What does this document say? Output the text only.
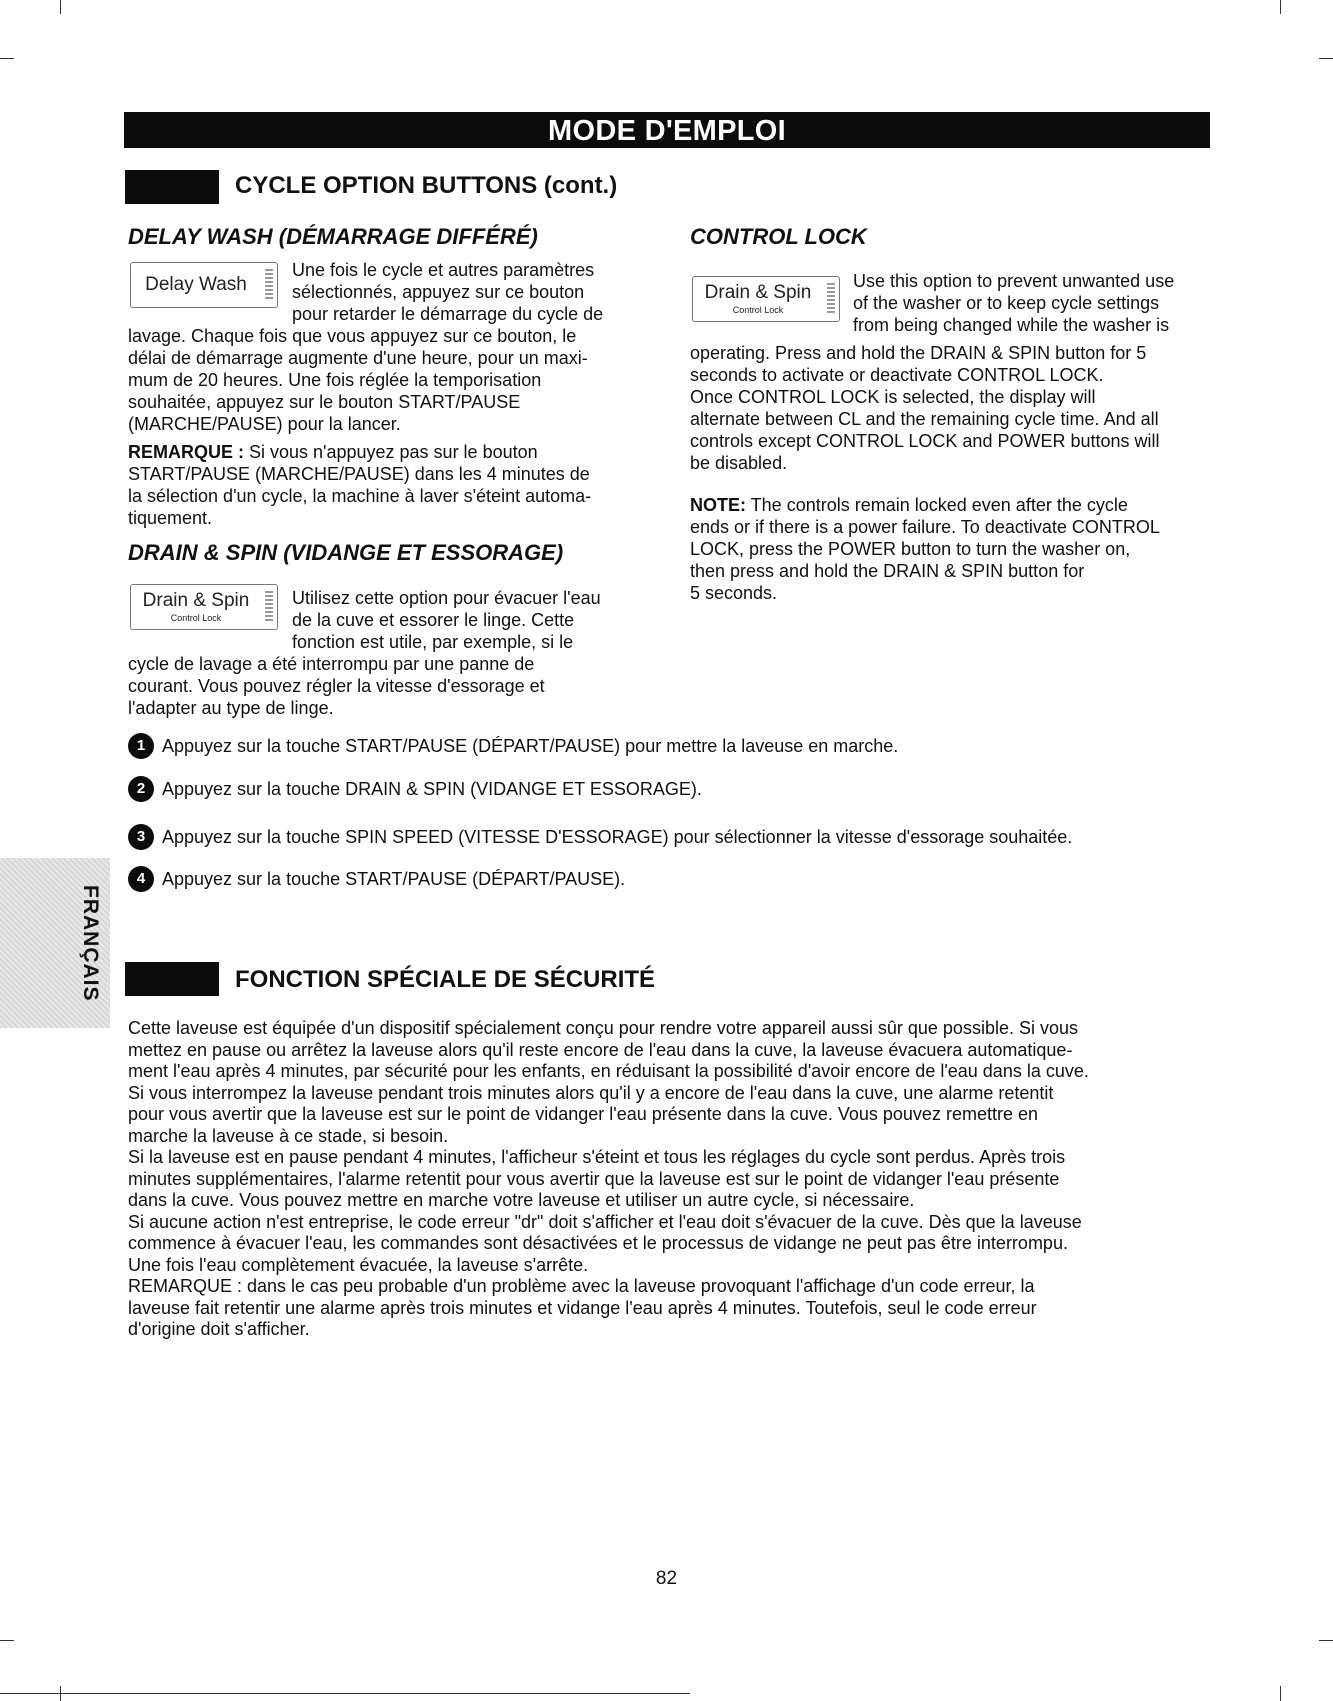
MODE D'EMPLOI
CYCLE OPTION BUTTONS (cont.)
DELAY WASH (DÉMARRAGE DIFFÉRÉ)
Delay Wash

Une fois le cycle et autres paramètres

sélectionnés, appuyez sur ce bouton

pour retarder le démarrage du cycle de

lavage. Chaque fois que vous appuyez sur ce bouton, le

délai de démarrage augmente d'une heure, pour un maxi-

mum de 20 heures. Une fois réglée la temporisation

souhaitée, appuyez sur le bouton START/PAUSE

(MARCHE/PAUSE) pour la lancer.

REMARQUE : Si vous n'appuyez pas sur le bouton

START/PAUSE (MARCHE/PAUSE) dans les 4 minutes de

la sélection d'un cycle, la machine à laver s'éteint automa-

tiquement.

DRAIN & SPIN (VIDANGE ET ESSORAGE)
Drain & Spin
Control Lock

Utilisez cette option pour évacuer l'eau

de la cuve et essorer le linge. Cette

fonction est utile, par exemple, si le

cycle de lavage a été interrompu par une panne de

courant. Vous pouvez régler la vitesse d'essorage et

l'adapter au type de linge.

CONTROL LOCK
Drain & Spin
Control Lock

Use this option to prevent unwanted use

of the washer or to keep cycle settings

from being changed while the washer is

operating. Press and hold the DRAIN & SPIN button for 5

seconds to activate or deactivate CONTROL LOCK.

Once CONTROL LOCK is selected, the display will

alternate between CL and the remaining cycle time. And all

controls except CONTROL LOCK and POWER buttons will

be disabled.

NOTE: The controls remain locked even after the cycle

ends or if there is a power failure. To deactivate CONTROL

LOCK, press the POWER button to turn the washer on,

then press and hold the DRAIN & SPIN button for

5 seconds.

1 Appuyez sur la touche START/PAUSE (DÉPART/PAUSE) pour mettre la laveuse en marche.
2 Appuyez sur la touche DRAIN & SPIN (VIDANGE ET ESSORAGE).
3 Appuyez sur la touche SPIN SPEED (VITESSE D'ESSORAGE) pour sélectionner la vitesse d'essorage souhaitée.
4 Appuyez sur la touche START/PAUSE (DÉPART/PAUSE).
FRANÇAIS	FONCTION SPÉCIALE DE SÉCURITÉ

Cette laveuse est équipée d'un dispositif spécialement conçu pour rendre votre appareil aussi sûr que possible. Si vous

mettez en pause ou arrêtez la laveuse alors qu'il reste encore de l'eau dans la cuve, la laveuse évacuera automatique-

ment l'eau après 4 minutes, par sécurité pour les enfants, en réduisant la possibilité d'avoir encore de l'eau dans la cuve.

Si vous interrompez la laveuse pendant trois minutes alors qu'il y a encore de l'eau dans la cuve, une alarme retentit

pour vous avertir que la laveuse est sur le point de vidanger l'eau présente dans la cuve. Vous pouvez remettre en

marche la laveuse à ce stade, si besoin.

Si la laveuse est en pause pendant 4 minutes, l'afficheur s'éteint et tous les réglages du cycle sont perdus. Après trois

minutes supplémentaires, l'alarme retentit pour vous avertir que la laveuse est sur le point de vidanger l'eau présente

dans la cuve. Vous pouvez mettre en marche votre laveuse et utiliser un autre cycle, si nécessaire.

Si aucune action n'est entreprise, le code erreur "dr" doit s'afficher et l'eau doit s'évacuer de la cuve. Dès que la laveuse

commence à évacuer l'eau, les commandes sont désactivées et le processus de vidange ne peut pas être interrompu.

Une fois l'eau complètement évacuée, la laveuse s'arrête.

REMARQUE : dans le cas peu probable d'un problème avec la laveuse provoquant l'affichage d'un code erreur, la

laveuse fait retentir une alarme après trois minutes et vidange l'eau après 4 minutes. Toutefois, seul le code erreur

d'origine doit s'afficher.

82
